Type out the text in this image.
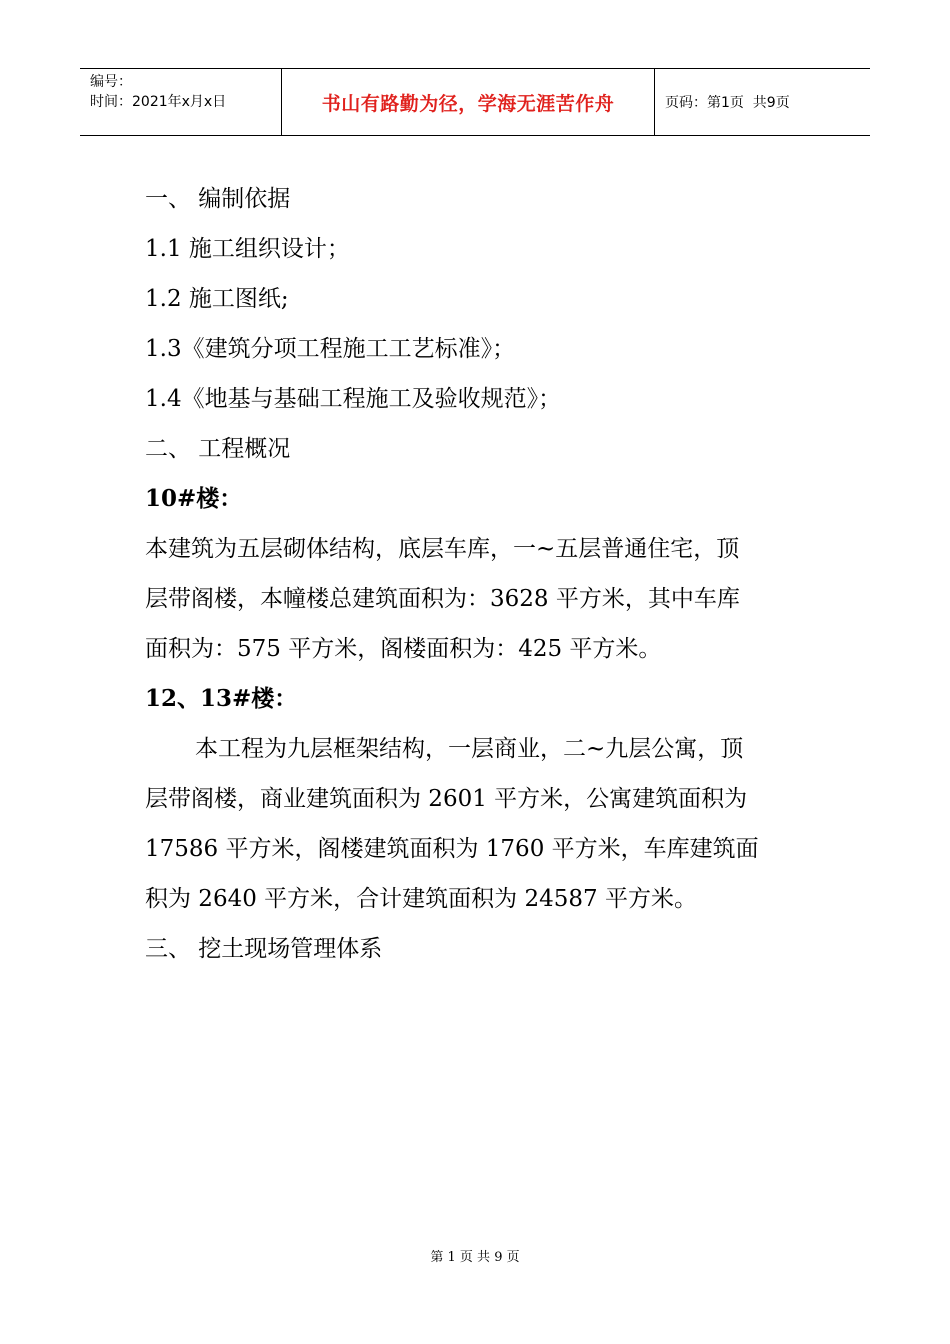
编号：
时间：2021年x月x日	书山有路勤为径，学海无涯苦作舟	页码：第1页  共9页
一、 编制依据
1.1 施工组织设计；
1.2 施工图纸;
1.3《建筑分项工程施工工艺标准》；
1.4《地基与基础工程施工及验收规范》；
二、 工程概况
10#楼：
本建筑为五层砌体结构，底层车库，一~五层普通住宅，顶
层带阁楼，本幢楼总建筑面积为：3628 平方米，其中车库
面积为：575 平方米，阁楼面积为：425 平方米。
12、13#楼：
本工程为九层框架结构，一层商业，二~九层公寓，顶
层带阁楼，商业建筑面积为 2601 平方米，公寓建筑面积为
17586 平方米，阁楼建筑面积为 1760 平方米，车库建筑面
积为 2640 平方米，合计建筑面积为 24587 平方米。
三、 挖土现场管理体系
第 1 页 共 9 页
